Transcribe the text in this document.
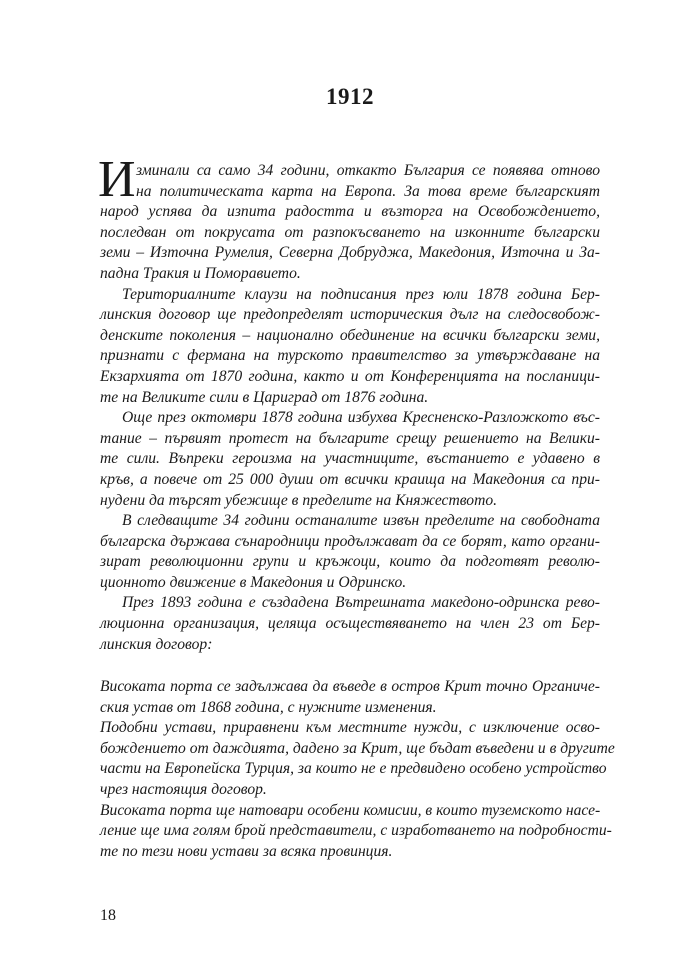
1912
И зминали са само 34 години, откакто България се появява отново
на политическата карта на Европа. За това време българският
народ успява да изпита радостта и възторга на Освобождението,
последван от покрусата от разпокъсването на изконните български
земи – Източна Румелия, Северна Добруджа, Македония, Източна и За-
падна Тракия и Поморавието.
Териториалните клаузи на подписания през юли 1878 година Бер-
линския договор ще предопределят историческия дълг на следосвобож-
денските поколения – национално обединение на всички български земи,
признати с фермана на турското правителство за утвърждаване на
Екзархията от 1870 година, както и от Конференцията на посланици-
те на Великите сили в Цариград от 1876 година.
Още през октомври 1878 година избухва Кресненско-Разложкото въс-
тание – първият протест на българите срещу решението на Велики-
те сили. Въпреки героизма на участниците, въстанието е удавено в
кръв, а повече от 25 000 души от всички краища на Македония са при-
нудени да търсят убежище в пределите на Княжеството.
В следващите 34 години останалите извън пределите на свободната
българска държава сънародници продължават да се борят, като органи-
зират революционни групи и кръжоци, които да подготвят револю-
ционното движение в Македония и Одринско.
През 1893 година е създадена Вътрешната македоно-одринска рево-
люционна организация, целяща осъществяването на член 23 от Бер-
линския договор:
Високата порта се задължава да въведе в остров Крит точно Органиче-
ския устав от 1868 година, с нужните изменения.
Подобни устави, приравнени към местните нужди, с изключение осво-
бождението от даждията, дадено за Крит, ще бъдат въведени и в другите
части на Европейска Турция, за които не е предвидено особено устройство
чрез настоящия договор.
Високата порта ще натовари особени комисии, в които туземското насе-
ление ще има голям брой представители, с изработването на подробности-
те по тези нови устави за всяка провинция.
18
